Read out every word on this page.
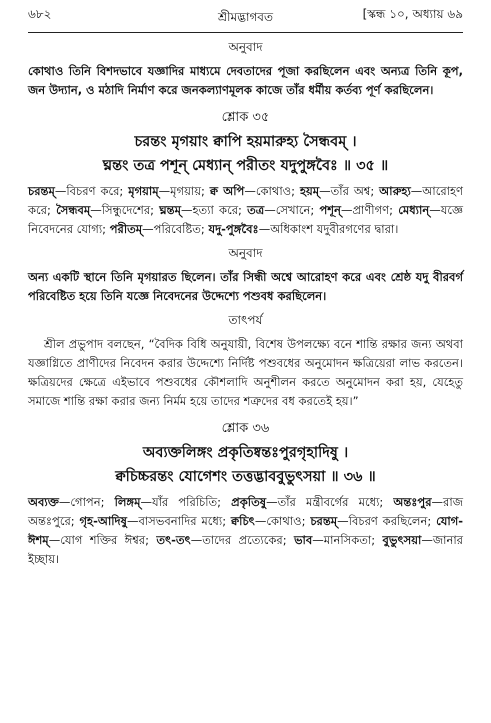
৬৮২	শ্রীমদ্ভাগবত	[স্কন্ধ ১০, অধ্যায় ৬৯
অনুবাদ

কোথাও তিনি বিশদভাবে যজ্ঞাদির মাধ্যমে দেবতাদের পূজা করছিলেন এবং অন্যত্র তিনি কূপ, জন উদ্যান, ও মঠাদি নির্মাণ করে জনকল্যাণমূলক কাজে তাঁর ধর্মীয় কর্তব্য পূর্ণ করছিলেন।

শ্লোক ৩৫
চরন্তং মৃগয়াং ক্বাপি হয়মারুহ্য সৈন্ধবম্ ।
ঘ্নন্তং তত্র পশূন্ মেধ্যান্ পরীতং যদুপুঙ্গবৈঃ ॥ ৩৫ ॥

চরন্তম্—বিচরণ করে; মৃগয়াম্—মৃগয়ায়; ক্ব অপি—কোথাও; হয়ম্—তাঁর অশ্ব; আরুহ্য—আরোহণ করে; সৈন্ধবম্—সিন্ধুদেশের; ঘ্নন্তম্—হত্যা করে; তত্র—সেখানে; পশূন্—প্রাণীগণ; মেধ্যান্—যজ্ঞে নিবেদনের যোগ্য; পরীতম্—পরিবেষ্টিত; যদু-পুঙ্গবৈঃ—অধিকাংশ যদুবীরগণের দ্বারা।

অনুবাদ

অন্য একটি স্থানে তিনি মৃগয়ারত ছিলেন। তাঁর সিন্ধী অশ্বে আরোহণ করে এবং শ্রেষ্ঠ যদু বীরবর্গ পরিবেষ্টিত হয়ে তিনি যজ্ঞে নিবেদনের উদ্দেশ্যে পশুবধ করছিলেন।

তাৎপর্য

শ্রীল প্রভুপাদ বলছেন, “বৈদিক বিধি অনুযায়ী, বিশেষ উপলক্ষ্যে বনে শান্তি রক্ষার জন্য অথবা যজ্ঞাগ্নিতে প্রাণীদের নিবেদন করার উদ্দেশ্যে নির্দিষ্ট পশুবধের অনুমোদন ক্ষত্রিয়েরা লাভ করতেন। ক্ষত্রিয়দের ক্ষেত্রে এইভাবে পশুবধের কৌশলাদি অনুশীলন করতে অনুমোদন করা হয়, যেহেতু সমাজে শান্তি রক্ষা করার জন্য নির্মম হয়ে তাদের শত্রুদের বধ করতেই হয়।”

শ্লোক ৩৬
অব্যক্তলিঙ্গং প্রকৃতিষ্বন্তঃপুরগৃহাদিষু ।
ক্বচিচ্চরন্তং যোগেশং তত্তদ্ভাববুভুৎসয়া ॥ ৩৬ ॥

অব্যক্ত—গোপন; লিঙ্গম্—যাঁর পরিচিতি; প্রকৃতিষু—তাঁর মন্ত্রীবর্গের মধ্যে; অন্তঃপুর—রাজ অন্তঃপুরে; গৃহ-আদিষু—বাসভবনাদির মধ্যে; ক্বচিৎ—কোথাও; চরন্তম্—বিচরণ করছিলেন; যোগ-ঈশম্—যোগ শক্তির ঈশ্বর; তৎ-তৎ—তাদের প্রত্যেকের; ভাব—মানসিকতা; বুভুৎসয়া—জানার ইচ্ছায়।
